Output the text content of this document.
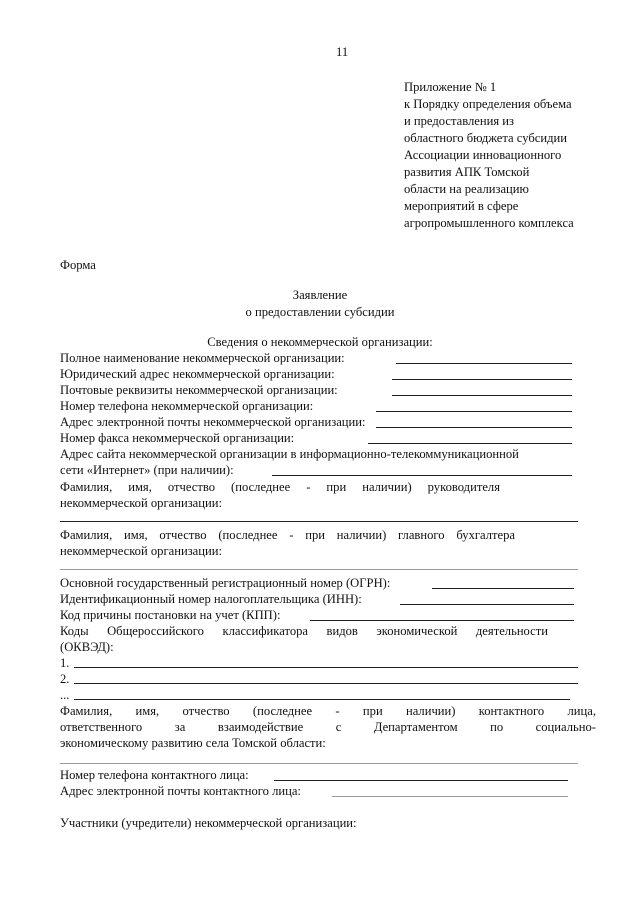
11
Приложение № 1
к Порядку определения объема
и предоставления из
областного бюджета субсидии
Ассоциации инновационного
развития АПК Томской
области на реализацию
мероприятий в сфере
агропромышленного комплекса
Форма
Заявление
о предоставлении субсидии
Сведения о некоммерческой организации:
Полное наименование некоммерческой организации:
Юридический адрес некоммерческой организации:
Почтовые реквизиты некоммерческой организации:
Номер телефона некоммерческой организации:
Адрес электронной почты некоммерческой организации:
Номер факса некоммерческой организации:
Адрес сайта некоммерческой организации в информационно-телекоммуникационной
сети «Интернет» (при наличии):
Фамилия, имя, отчество (последнее - при наличии) руководителя
некоммерческой организации:
Фамилия, имя, отчество (последнее - при наличии) главного бухгалтера
некоммерческой организации:
Основной государственный регистрационный номер (ОГРН):
Идентификационный номер налогоплательщика (ИНН):
Код причины постановки на учет (КПП):
Коды Общероссийского классификатора видов экономической деятельности
(ОКВЭД):
1.
2.
...
Фамилия, имя, отчество (последнее - при наличии) контактного лица,
ответственного за взаимодействие с Департаментом по социально-
экономическому развитию села Томской области:
Номер телефона контактного лица:
Адрес электронной почты контактного лица:
Участники (учредители) некоммерческой организации:
